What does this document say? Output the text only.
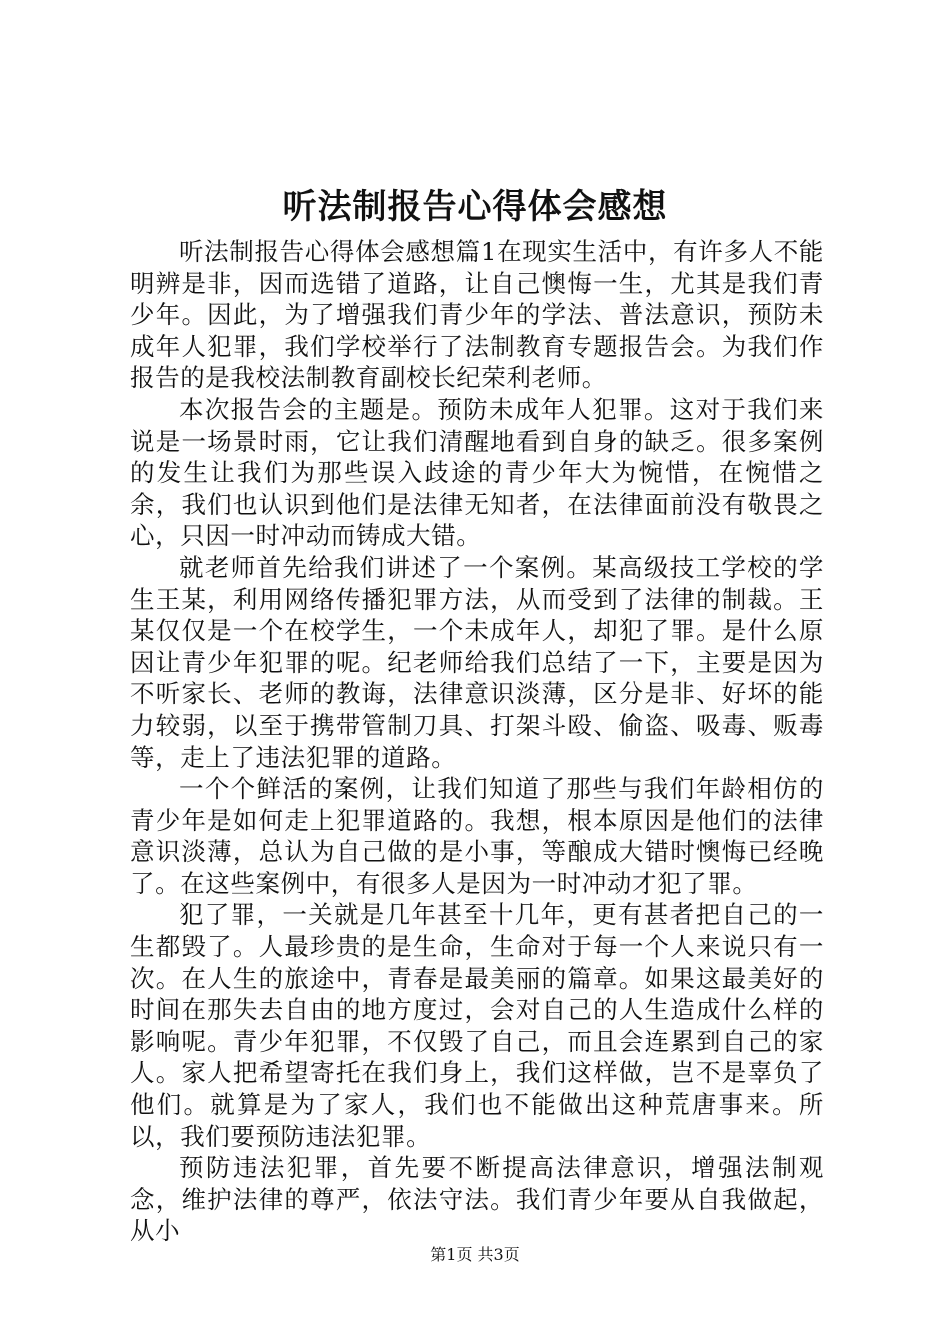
听法制报告心得体会感想

听法制报告心得体会感想篇1在现实生活中，有许多人不能明辨是非，因而选错了道路，让自己懊悔一生，尤其是我们青少年。因此，为了增强我们青少年的学法、普法意识，预防未成年人犯罪，我们学校举行了法制教育专题报告会。为我们作报告的是我校法制教育副校长纪荣利老师。

本次报告会的主题是。预防未成年人犯罪。这对于我们来说是一场景时雨，它让我们清醒地看到自身的缺乏。很多案例的发生让我们为那些误入歧途的青少年大为惋惜，在惋惜之余，我们也认识到他们是法律无知者，在法律面前没有敬畏之心，只因一时冲动而铸成大错。

就老师首先给我们讲述了一个案例。某高级技工学校的学生王某，利用网络传播犯罪方法，从而受到了法律的制裁。王某仅仅是一个在校学生，一个未成年人，却犯了罪。是什么原因让青少年犯罪的呢。纪老师给我们总结了一下，主要是因为不听家长、老师的教诲，法律意识淡薄，区分是非、好坏的能力较弱，以至于携带管制刀具、打架斗殴、偷盗、吸毒、贩毒等，走上了违法犯罪的道路。

一个个鲜活的案例，让我们知道了那些与我们年龄相仿的青少年是如何走上犯罪道路的。我想，根本原因是他们的法律意识淡薄，总认为自己做的是小事，等酿成大错时懊悔已经晚了。在这些案例中，有很多人是因为一时冲动才犯了罪。

犯了罪，一关就是几年甚至十几年，更有甚者把自己的一生都毁了。人最珍贵的是生命，生命对于每一个人来说只有一次。在人生的旅途中，青春是最美丽的篇章。如果这最美好的时间在那失去自由的地方度过，会对自己的人生造成什么样的影响呢。青少年犯罪，不仅毁了自己，而且会连累到自己的家人。家人把希望寄托在我们身上，我们这样做，岂不是辜负了他们。就算是为了家人，我们也不能做出这种荒唐事来。所以，我们要预防违法犯罪。

预防违法犯罪，首先要不断提高法律意识，增强法制观念，维护法律的尊严，依法守法。我们青少年要从自我做起，从小

第1页 共3页
